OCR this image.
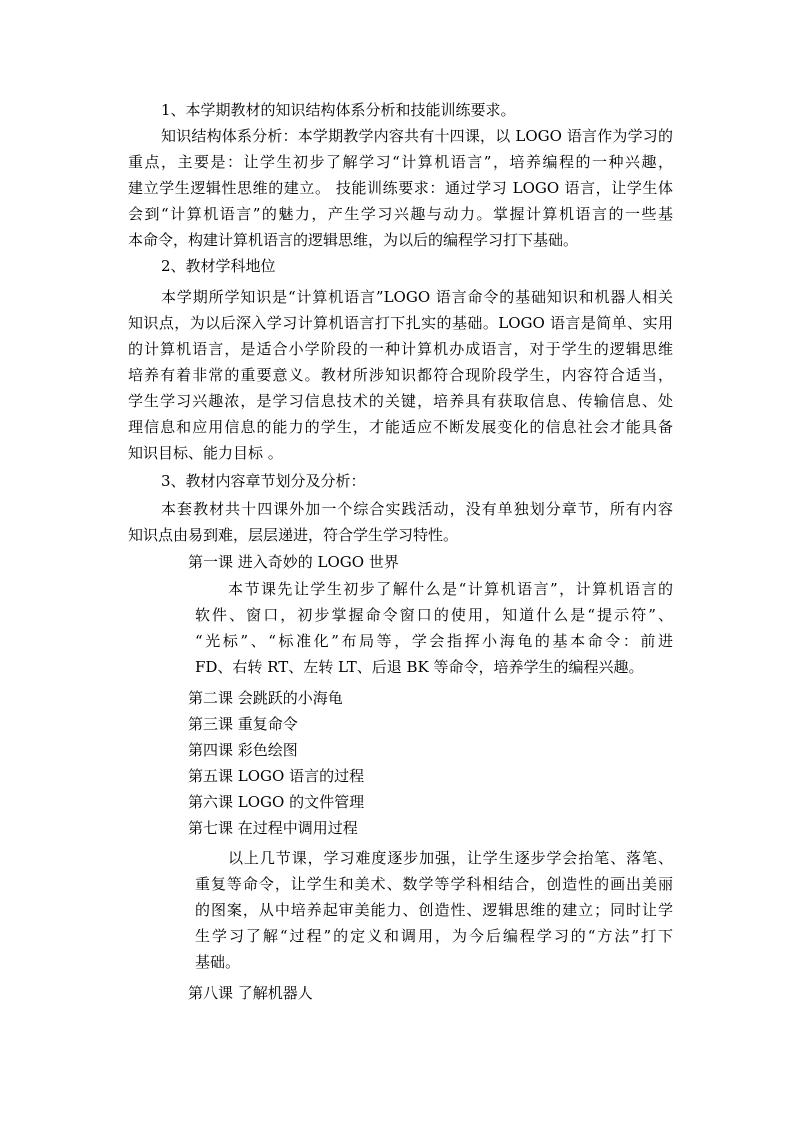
1、本学期教材的知识结构体系分析和技能训练要求。
知识结构体系分析：本学期教学内容共有十四课，以 LOGO 语言作为学习的
重点，主要是：让学生初步了解学习“计算机语言”，培养编程的一种兴趣，
建立学生逻辑性思维的建立。 技能训练要求：通过学习 LOGO 语言，让学生体
会到“计算机语言”的魅力，产生学习兴趣与动力。掌握计算机语言的一些基
本命令，构建计算机语言的逻辑思维，为以后的编程学习打下基础。
2、教材学科地位
本学期所学知识是“计算机语言”LOGO 语言命令的基础知识和机器人相关
知识点，为以后深入学习计算机语言打下扎实的基础。LOGO 语言是简单、实用
的计算机语言，是适合小学阶段的一种计算机办成语言，对于学生的逻辑思维
培养有着非常的重要意义。教材所涉知识都符合现阶段学生，内容符合适当，
学生学习兴趣浓，是学习信息技术的关键，培养具有获取信息、传输信息、处
理信息和应用信息的能力的学生，才能适应不断发展变化的信息社会才能具备
知识目标、能力目标 。
3、教材内容章节划分及分析：
本套教材共十四课外加一个综合实践活动，没有单独划分章节，所有内容
知识点由易到难，层层递进，符合学生学习特性。
第一课 进入奇妙的 LOGO 世界
本节课先让学生初步了解什么是“计算机语言”，计算机语言的
软件、窗口，初步掌握命令窗口的使用，知道什么是“提示符”、
“光标”、“标准化”布局等，学会指挥小海龟的基本命令：前进
FD、右转 RT、左转 LT、后退 BK 等命令，培养学生的编程兴趣。
第二课 会跳跃的小海龟
第三课 重复命令
第四课 彩色绘图
第五课 LOGO 语言的过程
第六课 LOGO 的文件管理
第七课 在过程中调用过程
以上几节课，学习难度逐步加强，让学生逐步学会抬笔、落笔、
重复等命令，让学生和美术、数学等学科相结合，创造性的画出美丽
的图案，从中培养起审美能力、创造性、逻辑思维的建立；同时让学
生学习了解“过程”的定义和调用，为今后编程学习的“方法”打下
基础。
第八课 了解机器人
